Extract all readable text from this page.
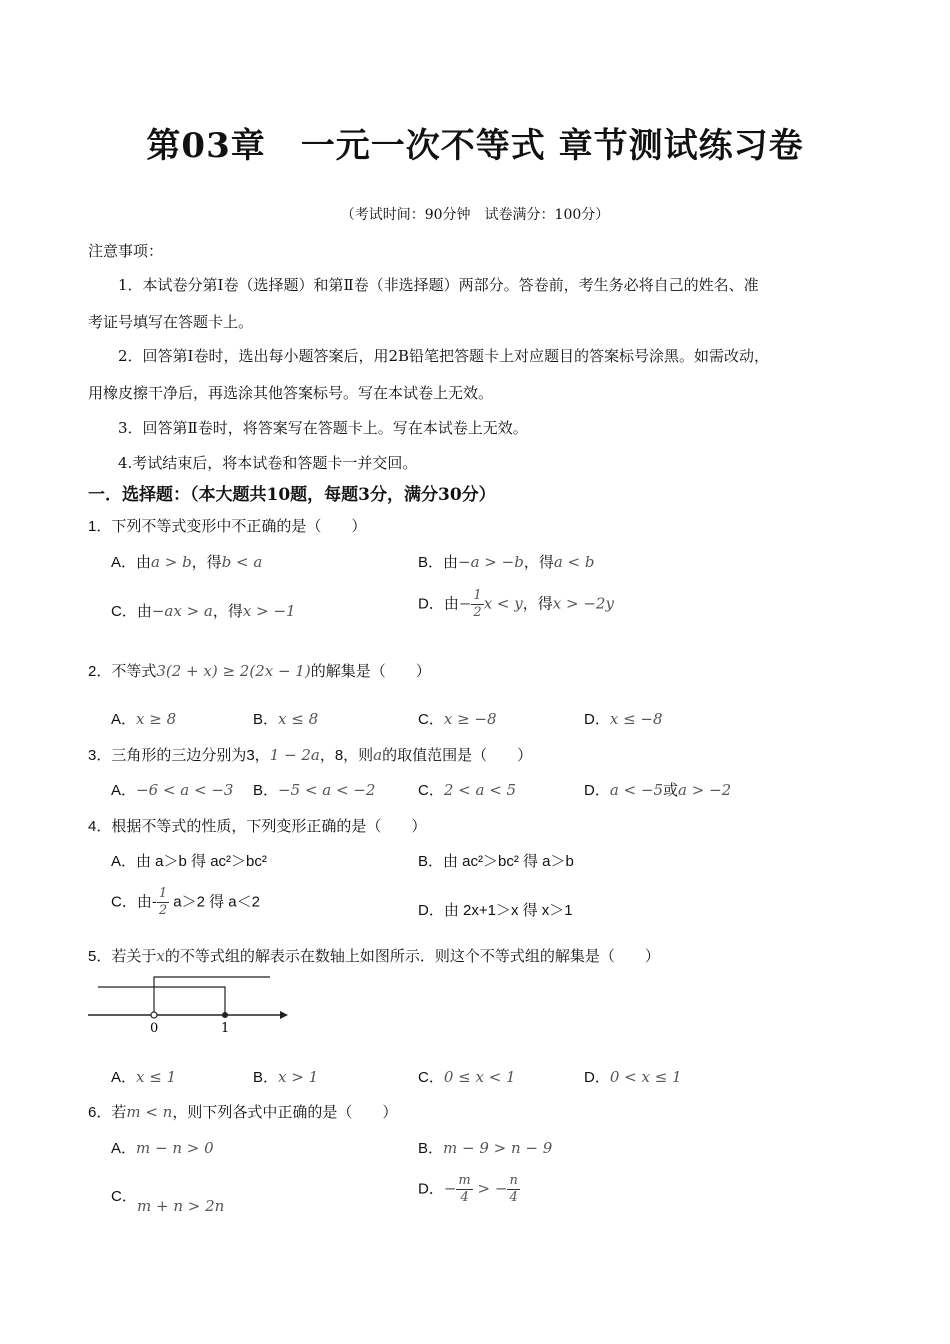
第03章　一元一次不等式 章节测试练习卷
（考试时间：90分钟　试卷满分：100分）
注意事项：
1．本试卷分第Ⅰ卷（选择题）和第Ⅱ卷（非选择题）两部分。答卷前，考生务必将自己的姓名、准
考证号填写在答题卡上。
2．回答第Ⅰ卷时，选出每小题答案后，用2B铅笔把答题卡上对应题目的答案标号涂黑。如需改动，
用橡皮擦干净后，再选涂其他答案标号。写在本试卷上无效。
3．回答第Ⅱ卷时，将答案写在答题卡上。写在本试卷上无效。
4.考试结束后，将本试卷和答题卡一并交回。
一．选择题：（本大题共10题，每题3分，满分30分）
1．下列不等式变形中不正确的是（　　）
A．由a > b，得b < a	B．由−a > −b，得a < b
C．由−ax > a，得x > −1	D．由− $\frac{1}{2}$ x < y，得x > −2y
2．不等式3(2 + x) ≥ 2(2x − 1)的解集是（　　）
A．x ≥ 8	B．x ≤ 8	C．x ≥ −8	D．x ≤ −8
3．三角形的三边分别为3，1 − 2a，8，则a的取值范围是（　　）
A．−6 < a < −3 B．−5 < a < −2	C．2 < a < 5	D．a < −5或a > −2
4．根据不等式的性质，下列变形正确的是（　　）
A．由 a＞b 得 ac²＞bc²	B．由 ac²＞bc² 得 a＞b
C．由- $\frac{1}{2} a>2$ 得 a＜2
D．由 2x+1＞x 得 x＞1
5．若关于x的不等式组的解表示在数轴上如图所示．则这个不等式组的解集是（　　）
0	1
A．x ≤ 1	B．x > 1	C．0 ≤ x < 1	D．0 < x ≤ 1
6．若m < n，则下列各式中正确的是（　　）
A．m − n > 0	B．m − 9 > n − 9
C．
m + n > 2n
D．− $\frac{m}{4}$ > − $\frac{n}{4}$
